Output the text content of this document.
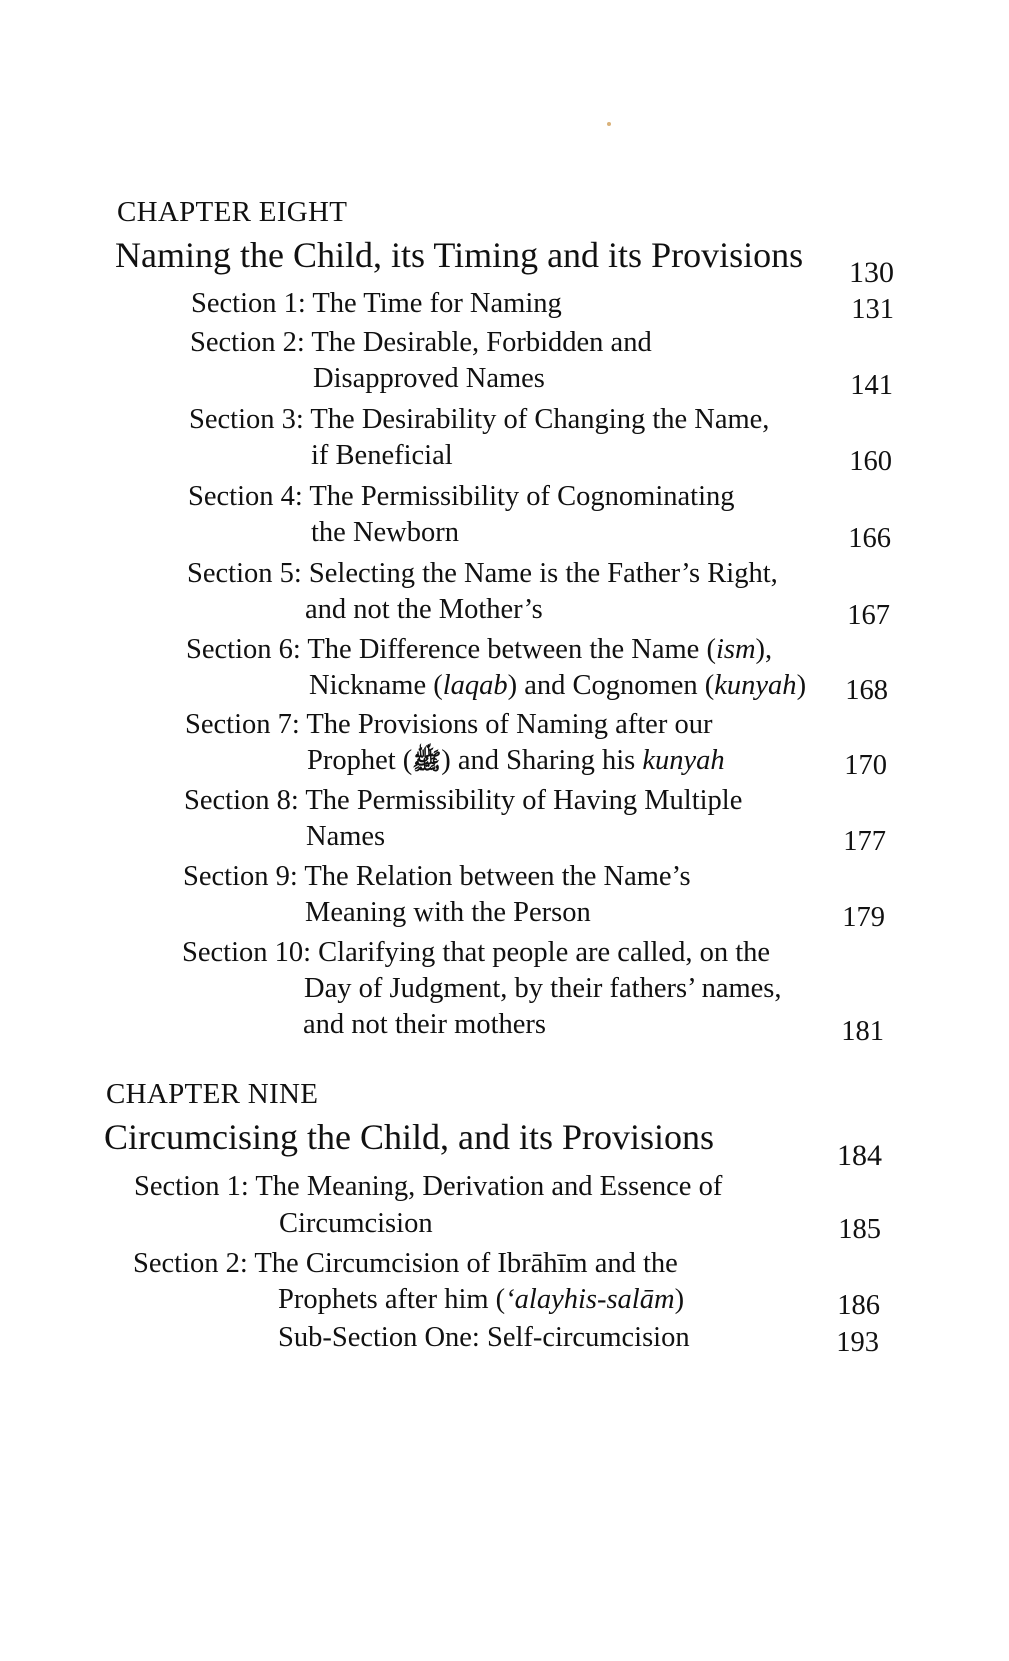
CHAPTER EIGHT
Naming the Child, its Timing and its Provisions	130
Section 1: The Time for Naming	131
Section 2: The Desirable, Forbidden and
Disapproved Names	141
Section 3: The Desirability of Changing the Name,
if Beneficial	160
Section 4: The Permissibility of Cognominating
the Newborn	166
Section 5: Selecting the Name is the Father’s Right,
and not the Mother’s	167
Section 6: The Difference between the Name (ism),
Nickname (laqab) and Cognomen (kunyah)	168
Section 7: The Provisions of Naming after our
Prophet (ﷺ) and Sharing his kunyah	170
Section 8: The Permissibility of Having Multiple
Names	177
Section 9: The Relation between the Name’s
Meaning with the Person	179
Section 10: Clarifying that people are called, on the
Day of Judgment, by their fathers’ names,
and not their mothers	181
CHAPTER NINE
Circumcising the Child, and its Provisions	184
Section 1: The Meaning, Derivation and Essence of
Circumcision	185
Section 2: The Circumcision of Ibrāhīm and the
Prophets after him (‘alayhis-salām)	186
Sub-Section One: Self-circumcision	193
